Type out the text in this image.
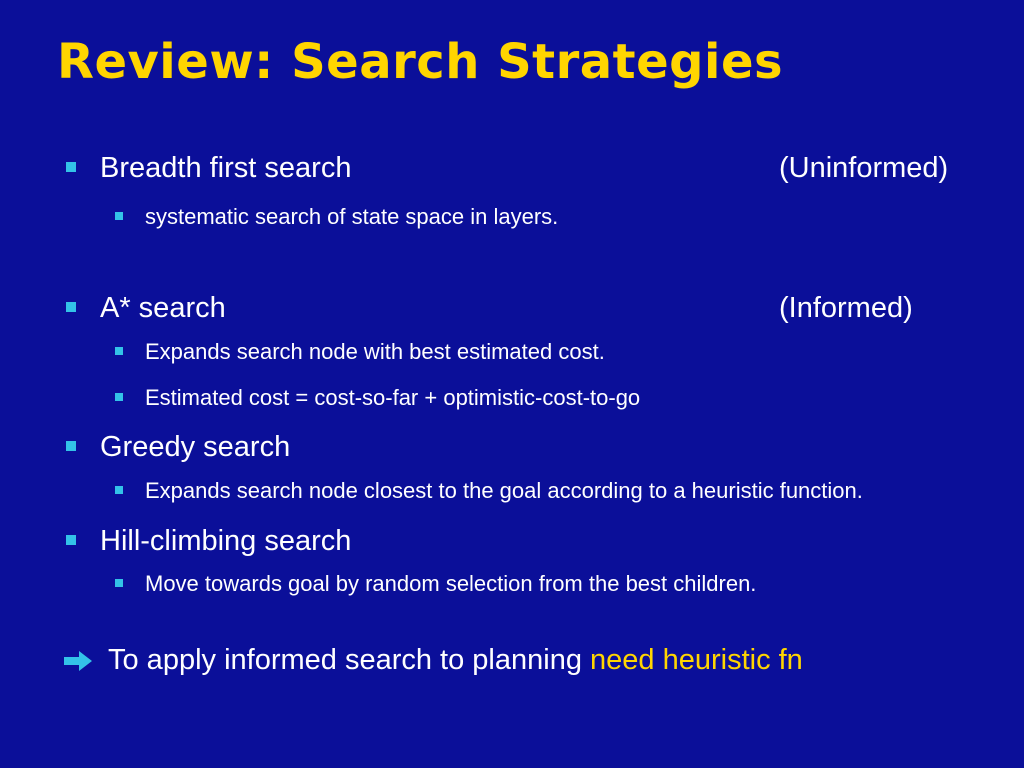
Review: Search Strategies
Breadth first search	(Uninformed)
systematic search of state space in layers.
A* search	(Informed)
Expands search node with best estimated cost.
Estimated cost = cost-so-far + optimistic-cost-to-go
Greedy search
Expands search node closest to the goal according to a heuristic function.
Hill-climbing search
Move towards goal by random selection from the best children.
To apply informed search to planning need heuristic fn
